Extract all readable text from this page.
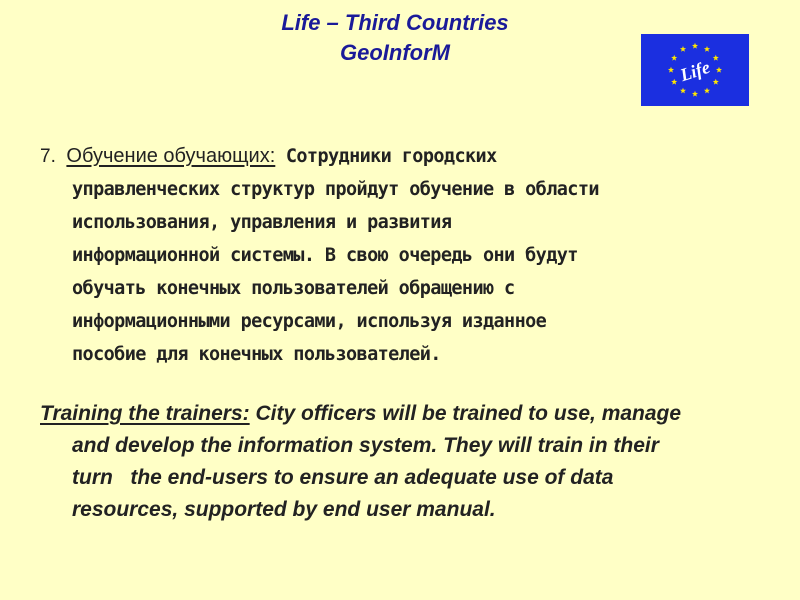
Life – Third Countries
GeoInforM
Life
7. Обучение обучающих: Сотрудники городских
управленческих структур пройдут обучение в области
использования, управления и развития
информационной системы. В свою очередь они будут
обучать конечных пользователей обращению с
информационными ресурсами, используя изданное
пособие для конечных пользователей.
Training the trainers: City officers will be trained to use, manage
and develop the information system. They will train in their
turn   the end-users to ensure an adequate use of data
resources, supported by end user manual.
